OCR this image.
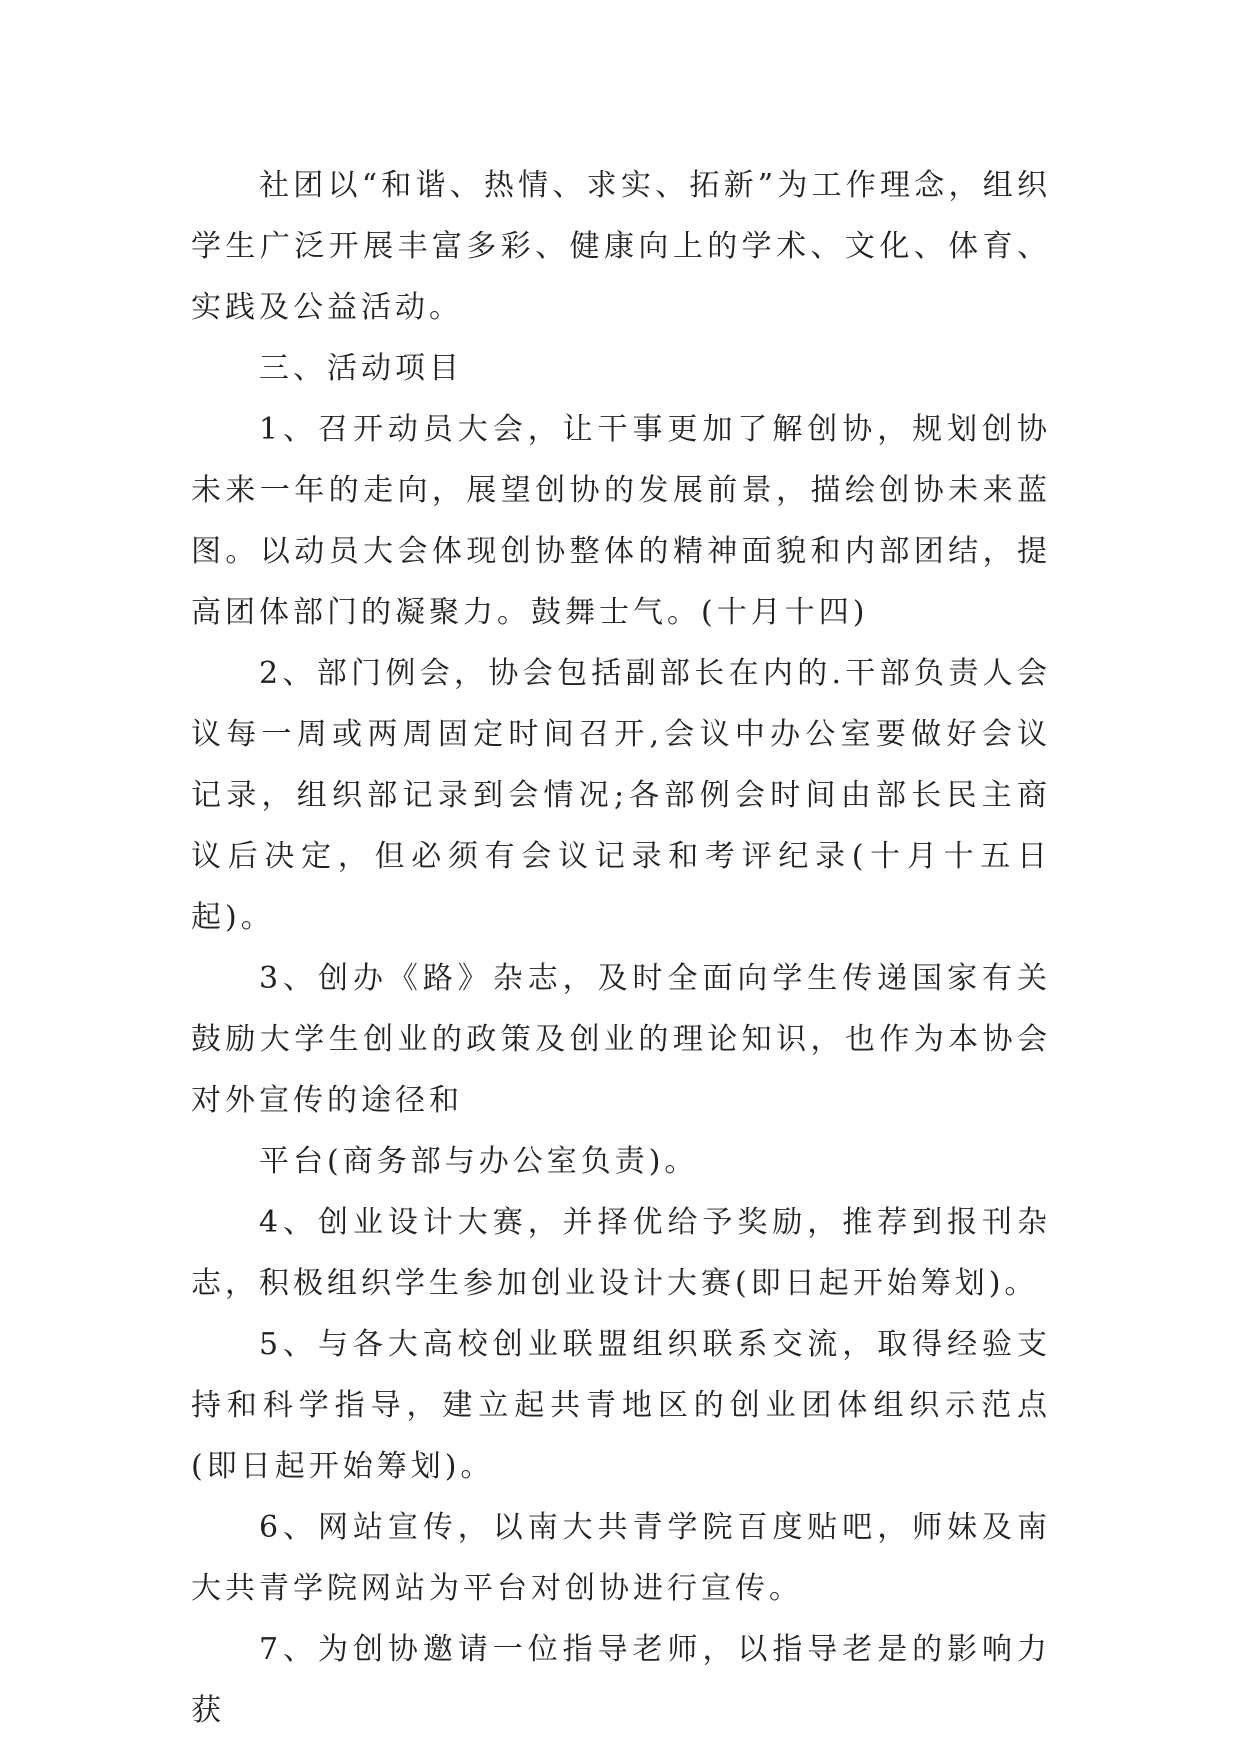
社团以“和谐、热情、求实、拓新”为工作理念，组织学生广泛开展丰富多彩、健康向上的学术、文化、体育、实践及公益活动。

三、活动项目

1、召开动员大会，让干事更加了解创协，规划创协未来一年的走向，展望创协的发展前景，描绘创协未来蓝图。以动员大会体现创协整体的精神面貌和内部团结，提高团体部门的凝聚力。鼓舞士气。(十月十四)

2、部门例会，协会包括副部长在内的.干部负责人会议每一周或两周固定时间召开,会议中办公室要做好会议记录，组织部记录到会情况;各部例会时间由部长民主商议后决定，但必须有会议记录和考评纪录(十月十五日起)。

3、创办《路》杂志，及时全面向学生传递国家有关鼓励大学生创业的政策及创业的理论知识，也作为本协会对外宣传的途径和

平台(商务部与办公室负责)。

4、创业设计大赛，并择优给予奖励，推荐到报刊杂志，积极组织学生参加创业设计大赛(即日起开始筹划)。

5、与各大高校创业联盟组织联系交流，取得经验支持和科学指导，建立起共青地区的创业团体组织示范点(即日起开始筹划)。

6、网站宣传，以南大共青学院百度贴吧，师妹及南大共青学院网站为平台对创协进行宣传。

7、为创协邀请一位指导老师，以指导老是的影响力获
